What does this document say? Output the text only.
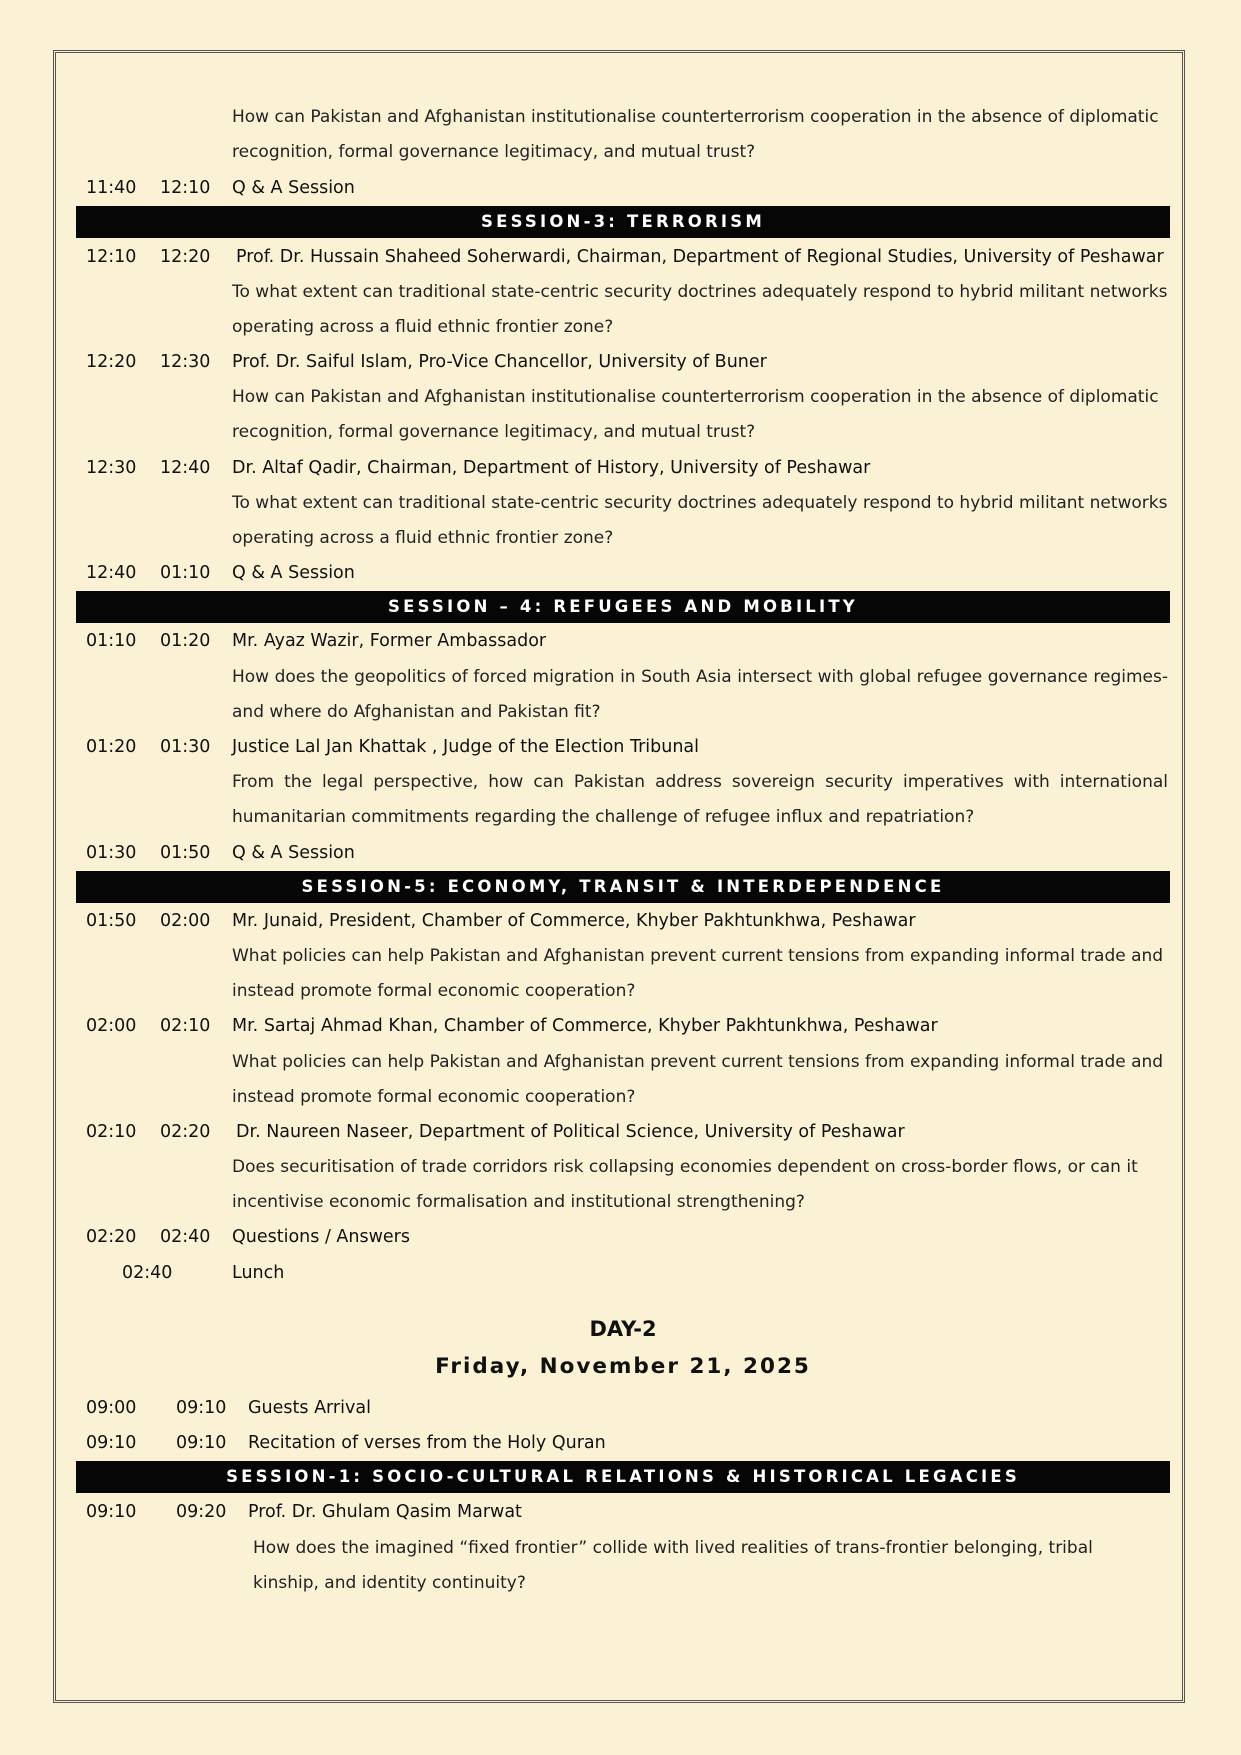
How can Pakistan and Afghanistan institutionalise counterterrorism cooperation in the absence of diplomatic recognition, formal governance legitimacy, and mutual trust?
11:40 12:10 Q & A Session
SESSION-3: TERRORISM
12:10 12:20 Prof. Dr. Hussain Shaheed Soherwardi, Chairman, Department of Regional Studies, University of Peshawar
To what extent can traditional state-centric security doctrines adequately respond to hybrid militant networks operating across a fluid ethnic frontier zone?
12:20 12:30 Prof. Dr. Saiful Islam, Pro-Vice Chancellor, University of Buner
How can Pakistan and Afghanistan institutionalise counterterrorism cooperation in the absence of diplomatic recognition, formal governance legitimacy, and mutual trust?
12:30 12:40 Dr. Altaf Qadir, Chairman, Department of History, University of Peshawar
To what extent can traditional state-centric security doctrines adequately respond to hybrid militant networks operating across a fluid ethnic frontier zone?
12:40 01:10 Q & A Session
SESSION – 4: REFUGEES AND MOBILITY
01:10 01:20 Mr. Ayaz Wazir, Former Ambassador
How does the geopolitics of forced migration in South Asia intersect with global refugee governance regimes-and where do Afghanistan and Pakistan fit?
01:20 01:30 Justice Lal Jan Khattak , Judge of the Election Tribunal
From the legal perspective, how can Pakistan address sovereign security imperatives with international humanitarian commitments regarding the challenge of refugee influx and repatriation?
01:30 01:50 Q & A Session
SESSION-5: ECONOMY, TRANSIT & INTERDEPENDENCE
01:50 02:00 Mr. Junaid, President, Chamber of Commerce, Khyber Pakhtunkhwa, Peshawar
What policies can help Pakistan and Afghanistan prevent current tensions from expanding informal trade and instead promote formal economic cooperation?
02:00 02:10 Mr. Sartaj Ahmad Khan, Chamber of Commerce, Khyber Pakhtunkhwa, Peshawar
What policies can help Pakistan and Afghanistan prevent current tensions from expanding informal trade and instead promote formal economic cooperation?
02:10 02:20 Dr. Naureen Naseer, Department of Political Science, University of Peshawar
Does securitisation of trade corridors risk collapsing economies dependent on cross-border flows, or can it incentivise economic formalisation and institutional strengthening?
02:20 02:40 Questions / Answers
02:40	Lunch
DAY-2
Friday, November 21, 2025
09:00 09:10 Guests Arrival
09:10 09:10 Recitation of verses from the Holy Quran
SESSION-1: SOCIO-CULTURAL RELATIONS & HISTORICAL LEGACIES
09:10 09:20 Prof. Dr. Ghulam Qasim Marwat
How does the imagined “fixed frontier” collide with lived realities of trans-frontier belonging, tribal kinship, and identity continuity?
